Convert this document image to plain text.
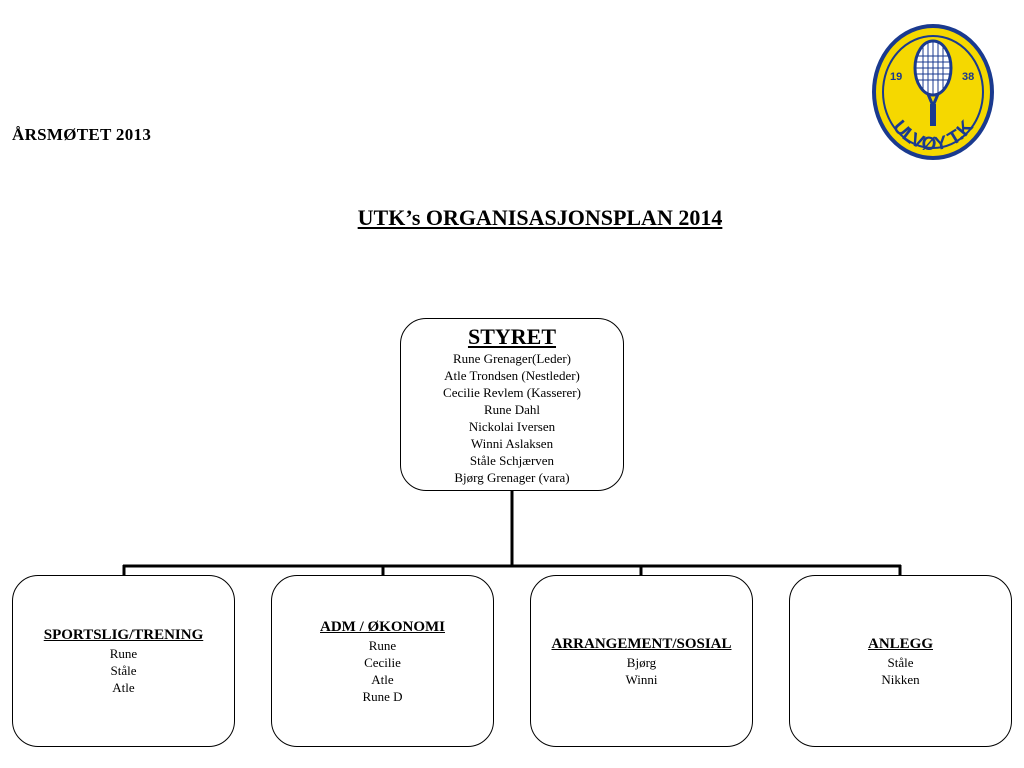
ÅRSMØTET 2013
19	38
ULVØY T.K
UTK’s ORGANISASJONSPLAN 2014
STYRET
Rune Grenager(Leder)
Atle Trondsen (Nestleder)
Cecilie Revlem (Kasserer)
Rune Dahl
Nickolai Iversen
Winni Aslaksen
Ståle Schjærven
Bjørg Grenager (vara)
SPORTSLIG/TRENING
Rune
Ståle
Atle
ADM / ØKONOMI
Rune
Cecilie
Atle
Rune D
ARRANGEMENT/SOSIAL
Bjørg
Winni
ANLEGG
Ståle
Nikken
